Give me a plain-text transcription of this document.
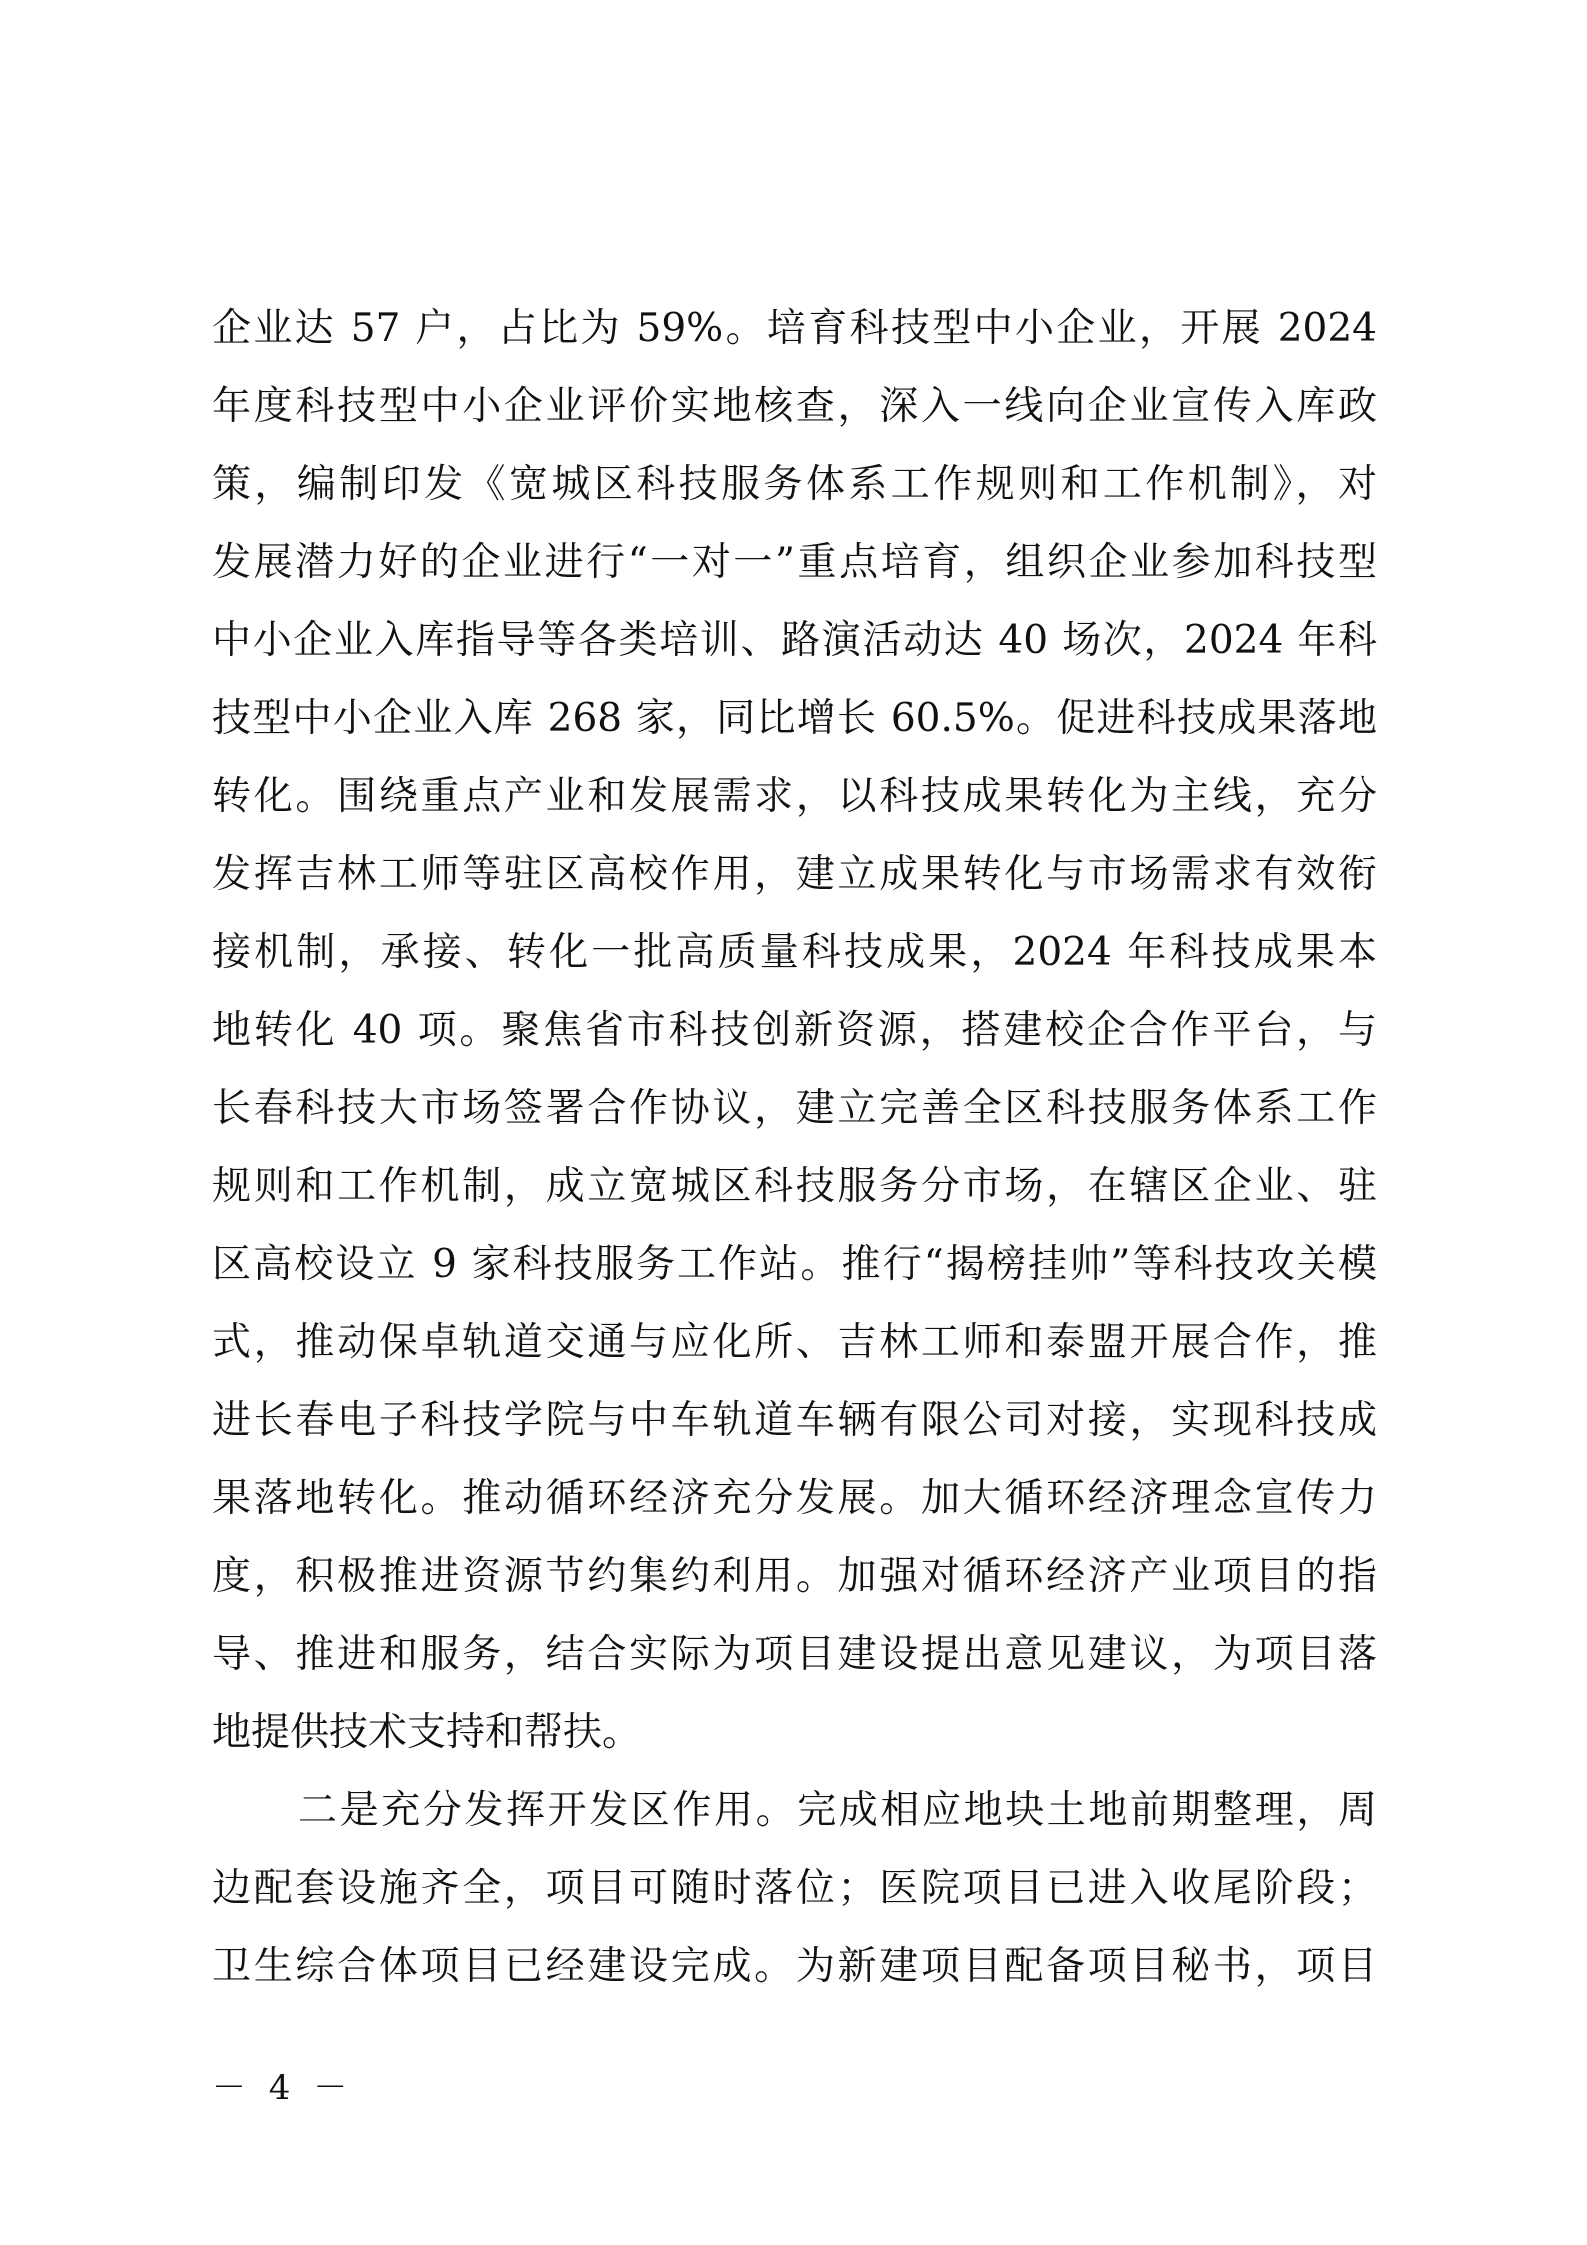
企业达 57 户，占比为 59%。培育科技型中小企业，开展 2024
年度科技型中小企业评价实地核查，深入一线向企业宣传入库政
策，编制印发《宽城区科技服务体系工作规则和工作机制》，对
发展潜力好的企业进行“一对一”重点培育，组织企业参加科技型
中小企业入库指导等各类培训、路演活动达 40 场次，2024 年科
技型中小企业入库 268 家，同比增长 60.5%。促进科技成果落地
转化。围绕重点产业和发展需求，以科技成果转化为主线，充分
发挥吉林工师等驻区高校作用，建立成果转化与市场需求有效衔
接机制，承接、转化一批高质量科技成果，2024 年科技成果本
地转化 40 项。聚焦省市科技创新资源，搭建校企合作平台，与
长春科技大市场签署合作协议，建立完善全区科技服务体系工作
规则和工作机制，成立宽城区科技服务分市场，在辖区企业、驻
区高校设立 9 家科技服务工作站。推行“揭榜挂帅”等科技攻关模
式，推动保卓轨道交通与应化所、吉林工师和泰盟开展合作，推
进长春电子科技学院与中车轨道车辆有限公司对接，实现科技成
果落地转化。推动循环经济充分发展。加大循环经济理念宣传力
度，积极推进资源节约集约利用。加强对循环经济产业项目的指
导、推进和服务，结合实际为项目建设提出意见建议，为项目落
地提供技术支持和帮扶。
二是充分发挥开发区作用。完成相应地块土地前期整理，周
边配套设施齐全，项目可随时落位；医院项目已进入收尾阶段；
卫生综合体项目已经建设完成。为新建项目配备项目秘书，项目
－ 4 －
